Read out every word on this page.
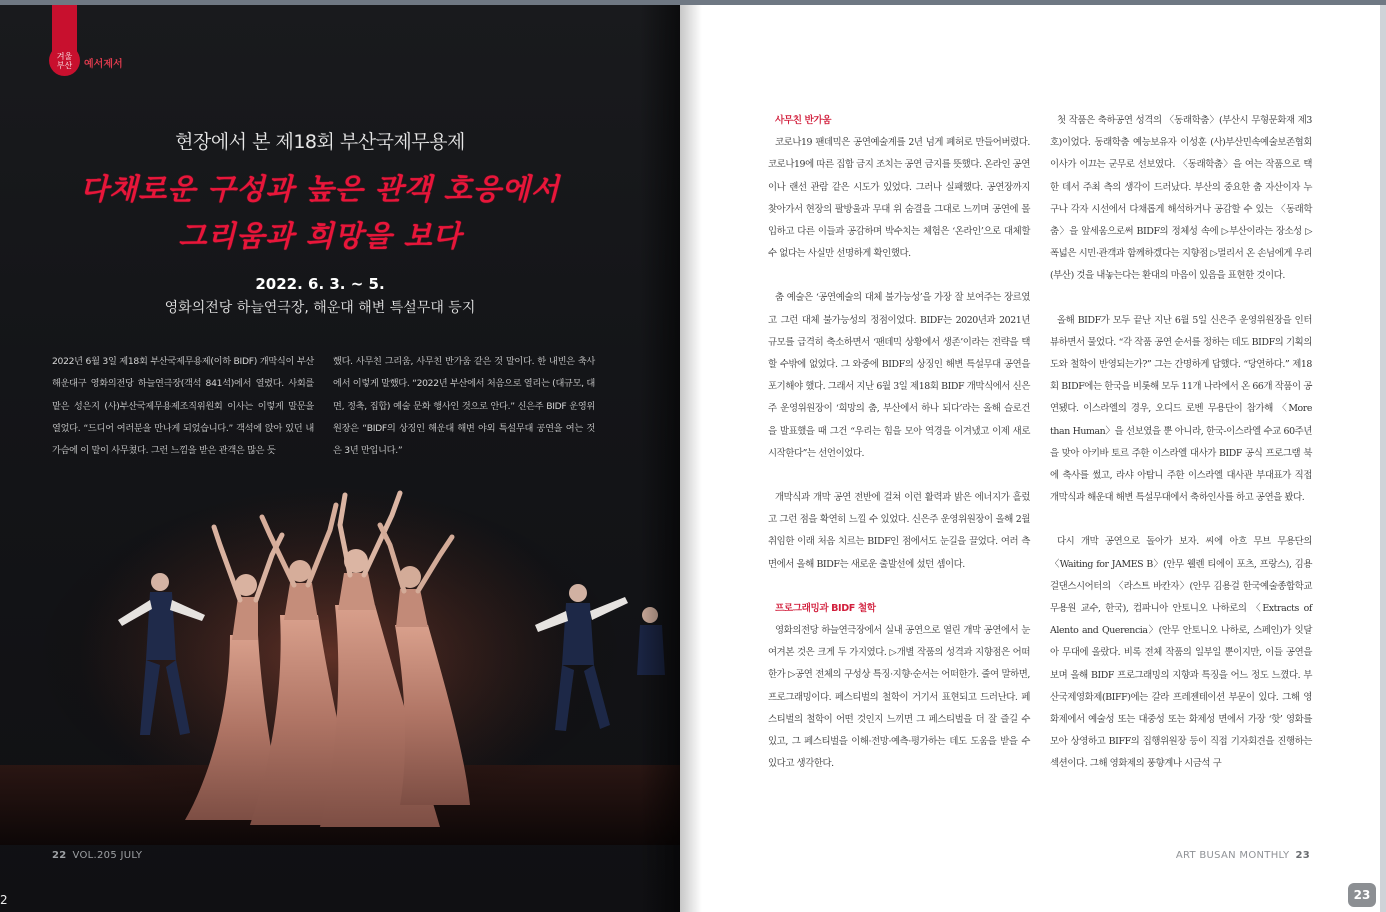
겨울
부산 예서제서
현장에서 본 제18회 부산국제무용제
다채로운 구성과 높은 관객 호응에서
그리움과 희망을 보다
2022. 6. 3. ~ 5.
영화의전당 하늘연극장, 해운대 해변 특설무대 등지
2022년 6월 3일 제18회 부산국제무용제(이하 BIDF) 개막식이 부산 해운대구 영화의전당 하늘연극장(객석 841석)에서 열렸다. 사회를 맡은 성은지 (사)부산국제무용제조직위원회 이사는 이렇게 말문을 열었다. “드디어 여러분을 만나게 되었습니다.” 객석에 앉아 있던 내 가슴에 이 말이 사무쳤다. 그런 느낌을 받은 관객은 많은 듯
했다. 사무친 그리움, 사무친 반가움 같은 것 말이다. 한 내빈은 축사에서 이렇게 말했다. “2022년 부산에서 처음으로 열리는 (대규모, 대면, 정축, 집합) 예술 문화 행사인 것으로 안다.” 신은주 BIDF 운영위원장은 “BIDF의 상징인 해운대 해변 야외 특설무대 공연을 여는 것은 3년 만입니다.”
22 VOL.205 JULY
2
사무친 반가움

코로나19 팬데믹은 공연예술계를 2년 넘게 폐허로 만들어버렸다. 코로나19에 따른 집합 금지 조치는 공연 금지를 뜻했다. 온라인 공연이나 랜선 관람 같은 시도가 있었다. 그러나 실패했다. 공연장까지 찾아가서 현장의 팔방울과 무대 위 숨결을 그대로 느끼며 공연에 몰입하고 다른 이들과 공감하며 박수치는 체험은 ‘온라인’으로 대체할 수 없다는 사실만 선명하게 확인했다.

춤 예술은 ‘공연예술의 대체 불가능성’을 가장 잘 보여주는 장르였고 그런 대체 불가능성의 정점이었다. BIDF는 2020년과 2021년 규모를 급격히 축소하면서 ‘팬데믹 상황에서 생존’이라는 전략을 택할 수밖에 없었다. 그 와중에 BIDF의 상징인 해변 특설무대 공연을 포기해야 했다. 그래서 지난 6월 3일 제18회 BIDF 개막식에서 신은주 운영위원장이 ‘희망의 춤, 부산에서 하나 되다’라는 올해 슬로건을 발표했을 때 그건 “우리는 힘을 모아 역경을 이겨냈고 이제 새로 시작한다”는 선언이었다.

개막식과 개막 공연 전반에 걸쳐 이런 활력과 밝은 에너지가 흘렀고 그런 점을 확연히 느낄 수 있었다. 신은주 운영위원장이 올해 2월 취임한 이래 처음 치르는 BIDF인 점에서도 눈길을 끌었다. 여러 측면에서 올해 BIDF는 새로운 출발선에 섰던 셈이다.

프로그래밍과 BIDF 철학

영화의전당 하늘연극장에서 실내 공연으로 열린 개막 공연에서 눈여겨본 것은 크게 두 가지였다. ▷개별 작품의 성격과 지향점은 어떠한가 ▷공연 전체의 구성상 특징·지향·순서는 어떠한가. 줄여 말하면, 프로그래밍이다. 페스티벌의 철학이 거기서 표현되고 드러난다. 페스티벌의 철학이 어떤 것인지 느끼면 그 페스티벌을 더 잘 즐길 수 있고, 그 페스티벌을 이해·전망·예측·평가하는 데도 도움을 받을 수 있다고 생각한다.

첫 작품은 축하공연 성격의 〈동래학춤〉(부산시 무형문화재 제3호)이었다. 동래학춤 예능보유자 이성훈 (사)부산민속예술보존협회 이사가 이끄는 군무로 선보였다. 〈동래학춤〉을 여는 작품으로 택한 데서 주최 측의 생각이 드러났다. 부산의 중요한 춤 자산이자 누구나 각자 시선에서 다채롭게 해석하거나 공감할 수 있는 〈동래학춤〉을 앞세움으로써 BIDF의 정체성 속에 ▷부산이라는 장소성 ▷폭넓은 시민·관객과 함께하겠다는 지향점 ▷멀리서 온 손님에게 우리(부산) 것을 내놓는다는 환대의 마음이 있음을 표현한 것이다.

올해 BIDF가 모두 끝난 지난 6월 5일 신은주 운영위원장을 인터뷰하면서 물었다. “각 작품 공연 순서를 정하는 데도 BIDF의 기획의도와 철학이 반영되는가?” 그는 간명하게 답했다. “당연하다.” 제18회 BIDF에는 한국을 비롯해 모두 11개 나라에서 온 66개 작품이 공연됐다. 이스라엘의 경우, 오디드 로벤 무용단이 참가해 〈More than Human〉을 선보였을 뿐 아니라, 한국-이스라엘 수교 60주년을 맞아 아키바 토르 주한 이스라엘 대사가 BIDF 공식 프로그램 북에 축사를 썼고, 라샤 아탐니 주한 이스라엘 대사관 부대표가 직접 개막식과 해운대 해변 특설무대에서 축하인사를 하고 공연을 봤다.

다시 개막 공연으로 돌아가 보자. 씨에 아흐 무브 무용단의 〈Waiting for JAMES B〉(안무 웰렌 티에이 포츠, 프랑스), 김용걸댄스시어터의 〈라스트 바칸자〉(안무 김용걸 한국예술종합학교 무용원 교수, 한국), 컴파니아 안토니오 나하로의 〈Extracts of Alento and Querencia〉(안무 안토니오 나하로, 스페인)가 잇달아 무대에 올랐다. 비록 전체 작품의 일부일 뿐이지만, 이들 공연을 보며 올해 BIDF 프로그래밍의 지향과 특징을 어느 정도 느꼈다. 부산국제영화제(BIFF)에는 갈라 프레젠테이션 부문이 있다. 그해 영화제에서 예술성 또는 대중성 또는 화제성 면에서 가장 ‘핫’ 영화를 모아 상영하고 BIFF의 집행위원장 등이 직접 기자회견을 진행하는 섹션이다. 그해 영화제의 풍향계나 시금석 구

ART BUSAN MONTHLY 23
23
